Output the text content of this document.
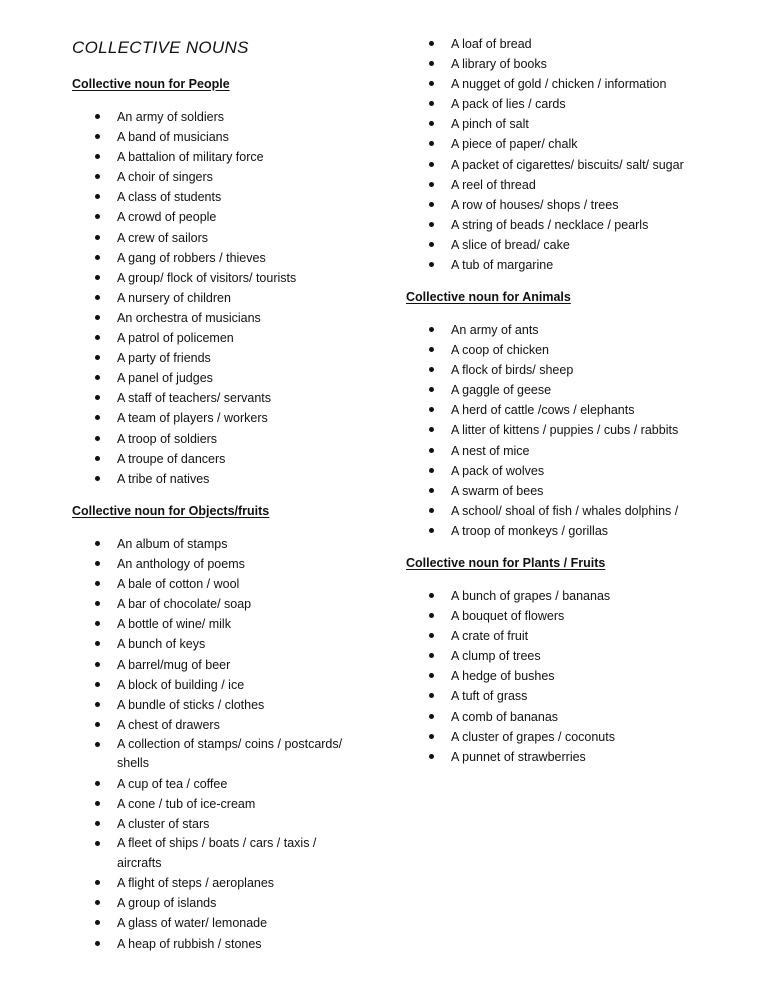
COLLECTIVE NOUNS
Collective noun for People
An army of soldiers
A band of musicians
A battalion of military force
A choir of singers
A class of students
A crowd of people
A crew of sailors
A gang of robbers / thieves
A group/ flock of visitors/ tourists
A nursery of children
An orchestra of musicians
A patrol of policemen
A party of friends
A panel of judges
A staff of teachers/ servants
A team of players / workers
A troop of soldiers
A troupe of dancers
A tribe of natives
Collective noun for Objects/fruits
An album of stamps
An anthology of poems
A bale of cotton / wool
A bar of chocolate/ soap
A bottle of wine/ milk
A bunch of keys
A barrel/mug of beer
A block of building / ice
A bundle of sticks / clothes
A chest of drawers
A collection of stamps/ coins / postcards/ shells
A cup of tea / coffee
A cone / tub of ice-cream
A cluster of stars
A fleet of ships / boats / cars / taxis / aircrafts
A flight of steps / aeroplanes
A group of islands
A glass of water/ lemonade
A heap of rubbish / stones
A loaf of bread
A library of books
A nugget of gold / chicken / information
A pack of lies / cards
A pinch of salt
A piece of paper/ chalk
A packet of cigarettes/ biscuits/ salt/ sugar
A reel of thread
A row of houses/ shops / trees
A string of beads / necklace / pearls
A slice of bread/ cake
A tub of margarine
Collective noun for Animals
An army of ants
A coop of chicken
A flock of birds/ sheep
A gaggle of geese
A herd of cattle /cows / elephants
A litter of kittens / puppies / cubs / rabbits
A nest of mice
A pack of wolves
A swarm of bees
A school/ shoal of fish / whales dolphins /
A troop of monkeys / gorillas
Collective noun for Plants / Fruits
A bunch of grapes / bananas
A bouquet of flowers
A crate of fruit
A clump of trees
A hedge of bushes
A tuft of grass
A comb of bananas
A cluster of grapes / coconuts
A punnet of strawberries
